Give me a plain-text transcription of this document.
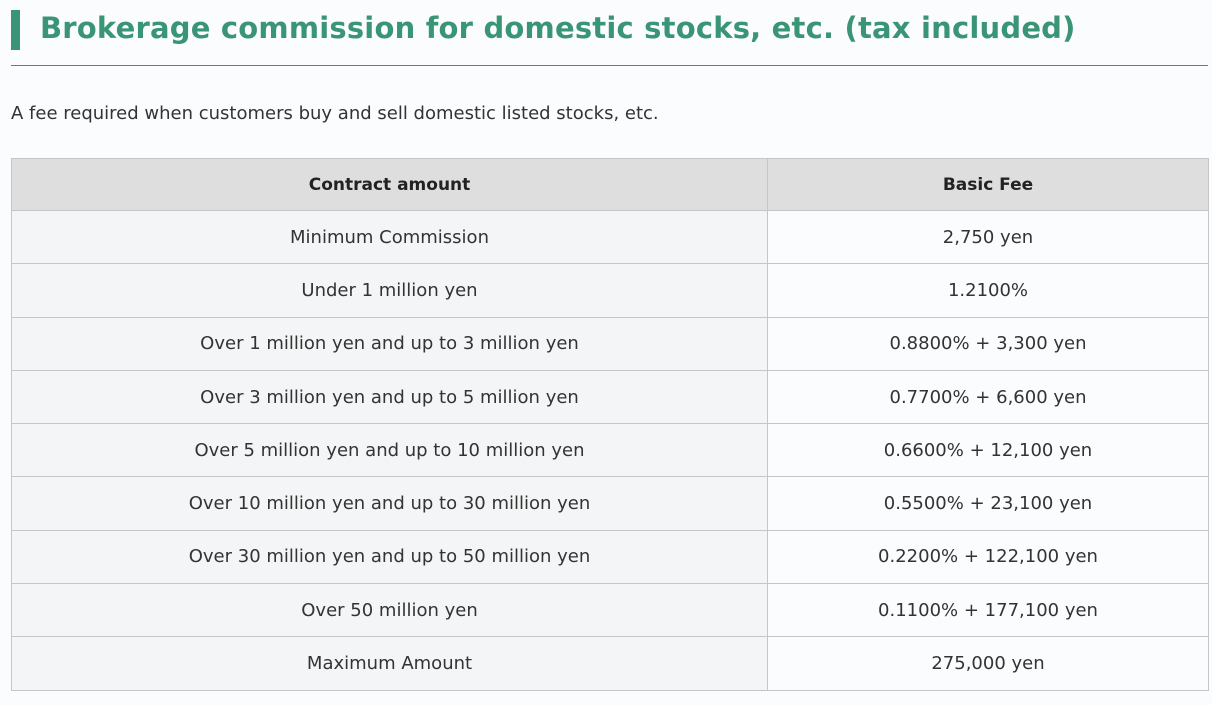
Brokerage commission for domestic stocks, etc. (tax included)

A fee required when customers buy and sell domestic listed stocks, etc.

Contract amount	Basic Fee
Minimum Commission	2,750 yen
Under 1 million yen	1.2100%
Over 1 million yen and up to 3 million yen	0.8800% + 3,300 yen
Over 3 million yen and up to 5 million yen	0.7700% + 6,600 yen
Over 5 million yen and up to 10 million yen	0.6600% + 12,100 yen
Over 10 million yen and up to 30 million yen	0.5500% + 23,100 yen
Over 30 million yen and up to 50 million yen	0.2200% + 122,100 yen
Over 50 million yen	0.1100% + 177,100 yen
Maximum Amount	275,000 yen
